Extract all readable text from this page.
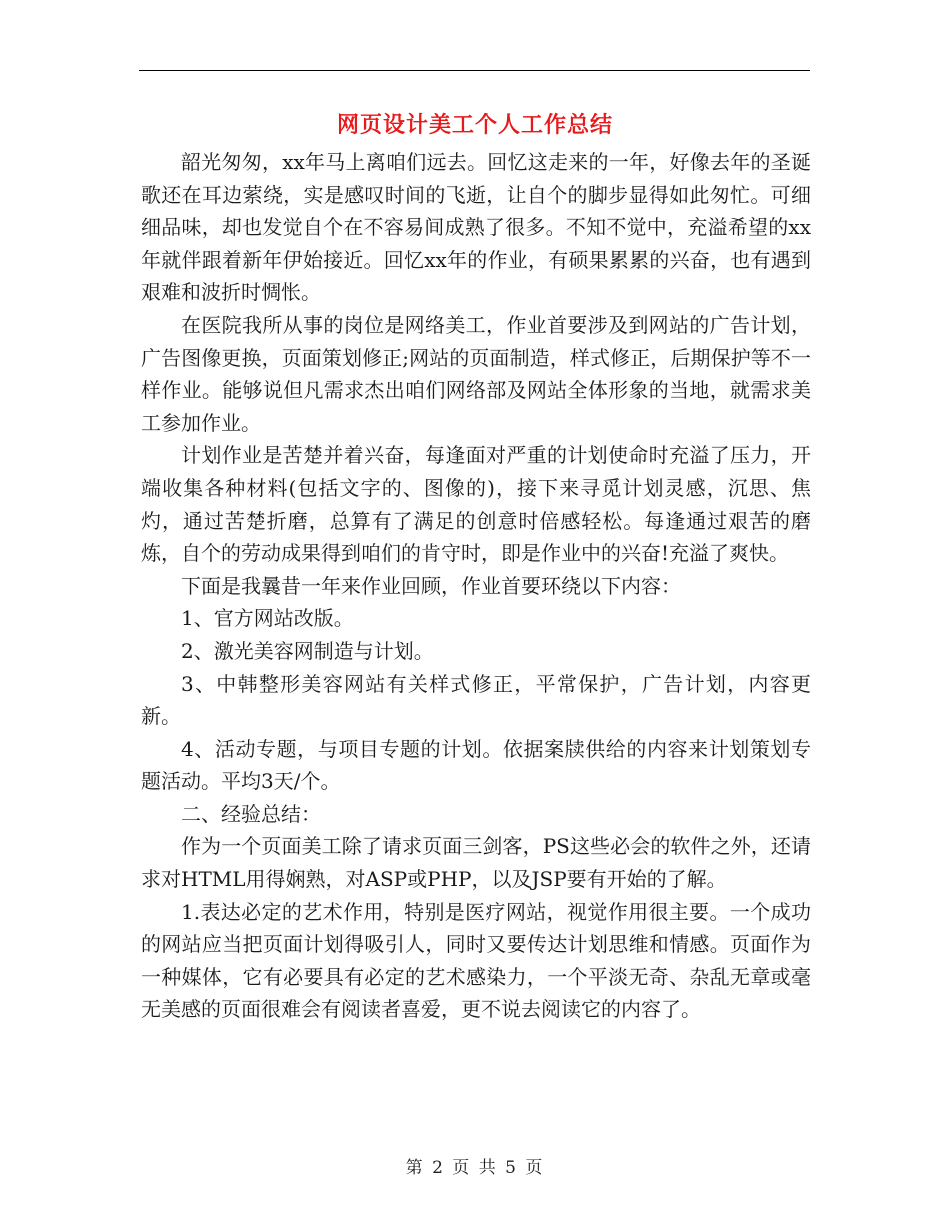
网页设计美工个人工作总结

韶光匆匆，xx年马上离咱们远去。回忆这走来的一年，好像去年的圣诞歌还在耳边萦绕，实是感叹时间的飞逝，让自个的脚步显得如此匆忙。可细细品味，却也发觉自个在不容易间成熟了很多。不知不觉中，充溢希望的xx年就伴跟着新年伊始接近。回忆xx年的作业，有硕果累累的兴奋，也有遇到艰难和波折时惆怅。

在医院我所从事的岗位是网络美工，作业首要涉及到网站的广告计划，广告图像更换，页面策划修正;网站的页面制造，样式修正，后期保护等不一样作业。能够说但凡需求杰出咱们网络部及网站全体形象的当地，就需求美工参加作业。

计划作业是苦楚并着兴奋，每逢面对严重的计划使命时充溢了压力，开端收集各种材料(包括文字的、图像的)，接下来寻觅计划灵感，沉思、焦灼，通过苦楚折磨，总算有了满足的创意时倍感轻松。每逢通过艰苦的磨炼，自个的劳动成果得到咱们的肯守时，即是作业中的兴奋!充溢了爽快。

下面是我曩昔一年来作业回顾，作业首要环绕以下内容：

1、官方网站改版。

2、激光美容网制造与计划。

3、中韩整形美容网站有关样式修正，平常保护，广告计划，内容更新。

4、活动专题，与项目专题的计划。依据案牍供给的内容来计划策划专题活动。平均3天/个。

二、经验总结：

作为一个页面美工除了请求页面三剑客，PS这些必会的软件之外，还请求对HTML用得娴熟，对ASP或PHP，以及JSP要有开始的了解。

1.表达必定的艺术作用，特别是医疗网站，视觉作用很主要。一个成功的网站应当把页面计划得吸引人，同时又要传达计划思维和情感。页面作为一种媒体，它有必要具有必定的艺术感染力，一个平淡无奇、杂乱无章或毫无美感的页面很难会有阅读者喜爱，更不说去阅读它的内容了。

第 2 页 共 5 页
